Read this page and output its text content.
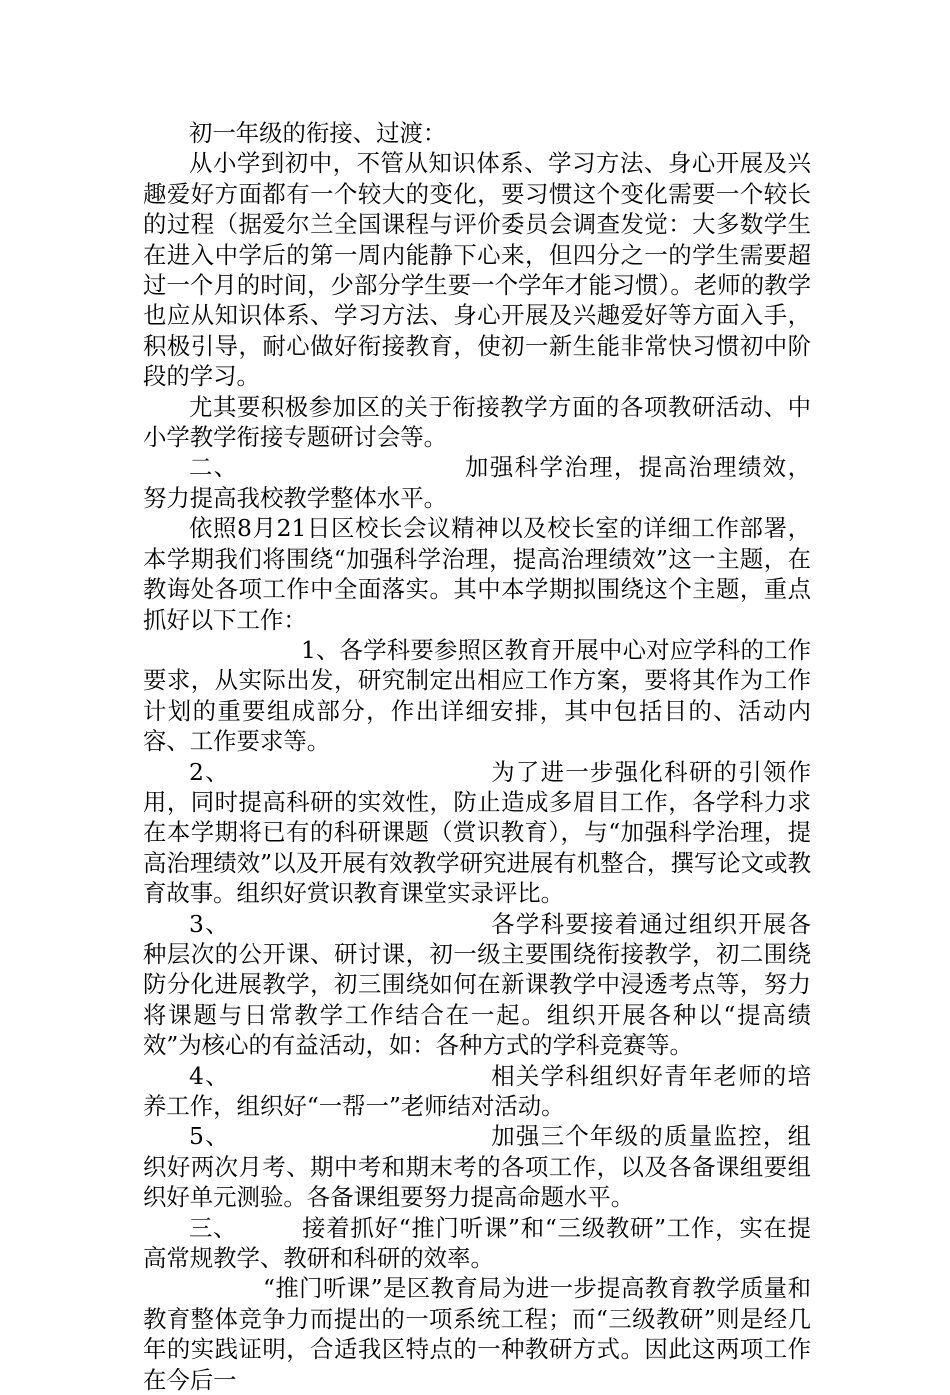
初一年级的衔接、过渡：

从小学到初中，不管从知识体系、学习方法、身心开展及兴趣爱好方面都有一个较大的变化，要习惯这个变化需要一个较长的过程（据爱尔兰全国课程与评价委员会调查发觉：大多数学生在进入中学后的第一周内能静下心来，但四分之一的学生需要超过一个月的时间，少部分学生要一个学年才能习惯）。老师的教学也应从知识体系、学习方法、身心开展及兴趣爱好等方面入手，积极引导，耐心做好衔接教育，使初一新生能非常快习惯初中阶段的学习。

尤其要积极参加区的关于衔接教学方面的各项教研活动、中小学教学衔接专题研讨会等。

二、	加强科学治理，提高治理绩效，努力提高我校教学整体水平。

依照8月21日区校长会议精神以及校长室的详细工作部署，本学期我们将围绕“加强科学治理，提高治理绩效”这一主题，在教诲处各项工作中全面落实。其中本学期拟围绕这个主题，重点抓好以下工作：

1、各学科要参照区教育开展中心对应学科的工作要求，从实际出发，研究制定出相应工作方案，要将其作为工作计划的重要组成部分，作出详细安排，其中包括目的、活动内容、工作要求等。

2、	为了进一步强化科研的引领作用，同时提高科研的实效性，防止造成多眉目工作，各学科力求在本学期将已有的科研课题（赏识教育），与“加强科学治理，提高治理绩效”以及开展有效教学研究进展有机整合，撰写论文或教育故事。组织好赏识教育课堂实录评比。

3、	各学科要接着通过组织开展各种层次的公开课、研讨课，初一级主要围绕衔接教学，初二围绕防分化进展教学，初三围绕如何在新课教学中浸透考点等，努力将课题与日常教学工作结合在一起。组织开展各种以“提高绩效”为核心的有益活动，如：各种方式的学科竞赛等。

4、	相关学科组织好青年老师的培养工作，组织好“一帮一”老师结对活动。

5、	加强三个年级的质量监控，组织好两次月考、期中考和期末考的各项工作，以及各备课组要组织好单元测验。各备课组要努力提高命题水平。

三、	接着抓好“推门听课”和“三级教研”工作，实在提高常规教学、教研和科研的效率。

“推门听课”是区教育局为进一步提高教育教学质量和教育整体竞争力而提出的一项系统工程；而“三级教研”则是经几年的实践证明，合适我区特点的一种教研方式。因此这两项工作在今后一
